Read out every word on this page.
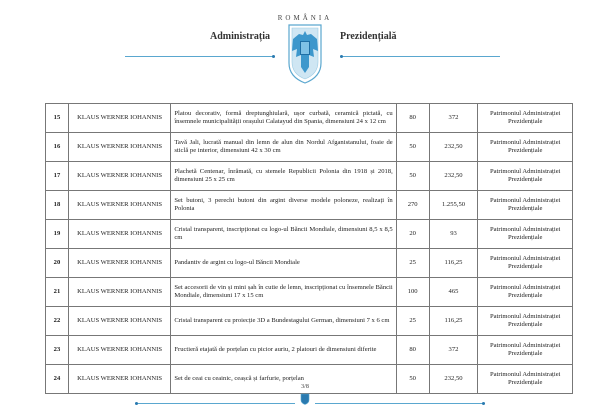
ROMÂNIA
Administrația	Prezidențială
15	KLAUS WERNER IOHANNIS	Platou decorativ, formă dreptunghiulară, ușor curbată, ceramică pictată, cu însemnele municipalității orașului Calatayud din Spania, dimensiuni 24 x 12 cm	80	372	Patrimoniul Administrației Prezidențiale
16	KLAUS WERNER IOHANNIS	Tavă Jali, lucrată manual din lemn de alun din Nordul Afganistanului, foaie de sticlă pe interior, dimensiuni 42 x 30 cm	50	232,50	Patrimoniul Administrației Prezidențiale
17	KLAUS WERNER IOHANNIS	Plachetă Centenar, înrămată, cu stemele Republicii Polonia din 1918 și 2018, dimensiuni 25 x 25 cm	50	232,50	Patrimoniul Administrației Prezidențiale
18	KLAUS WERNER IOHANNIS	Set butoni, 3 perechi butoni din argint diverse modele poloneze, realizați în Polonia	270	1.255,50	Patrimoniul Administrației Prezidențiale
19	KLAUS WERNER IOHANNIS	Cristal transparent, inscripționat cu logo-ul Băncii Mondiale, dimensiuni 8,5 x 8,5 cm	20	93	Patrimoniul Administrației Prezidențiale
20	KLAUS WERNER IOHANNIS	Pandantiv de argint cu logo-ul Băncii Mondiale	25	116,25	Patrimoniul Administrației Prezidențiale
21	KLAUS WERNER IOHANNIS	Set accesorii de vin și mini șah în cutie de lemn, inscripționat cu însemnele Băncii Mondiale, dimensiuni 17 x 15 cm	100	465	Patrimoniul Administrației Prezidențiale
22	KLAUS WERNER IOHANNIS	Cristal transparent cu proiecție 3D a Bundestagului German, dimensiuni 7 x 6 cm	25	116,25	Patrimoniul Administrației Prezidențiale
23	KLAUS WERNER IOHANNIS	Fructieră etajată de porțelan cu picior auriu, 2 platouri de dimensiuni diferite	80	372	Patrimoniul Administrației Prezidențiale
24	KLAUS WERNER IOHANNIS	Set de ceai cu ceainic, ceașcă și farfurie, porțelan	50	232,50	Patrimoniul Administrației Prezidențiale
3/8
